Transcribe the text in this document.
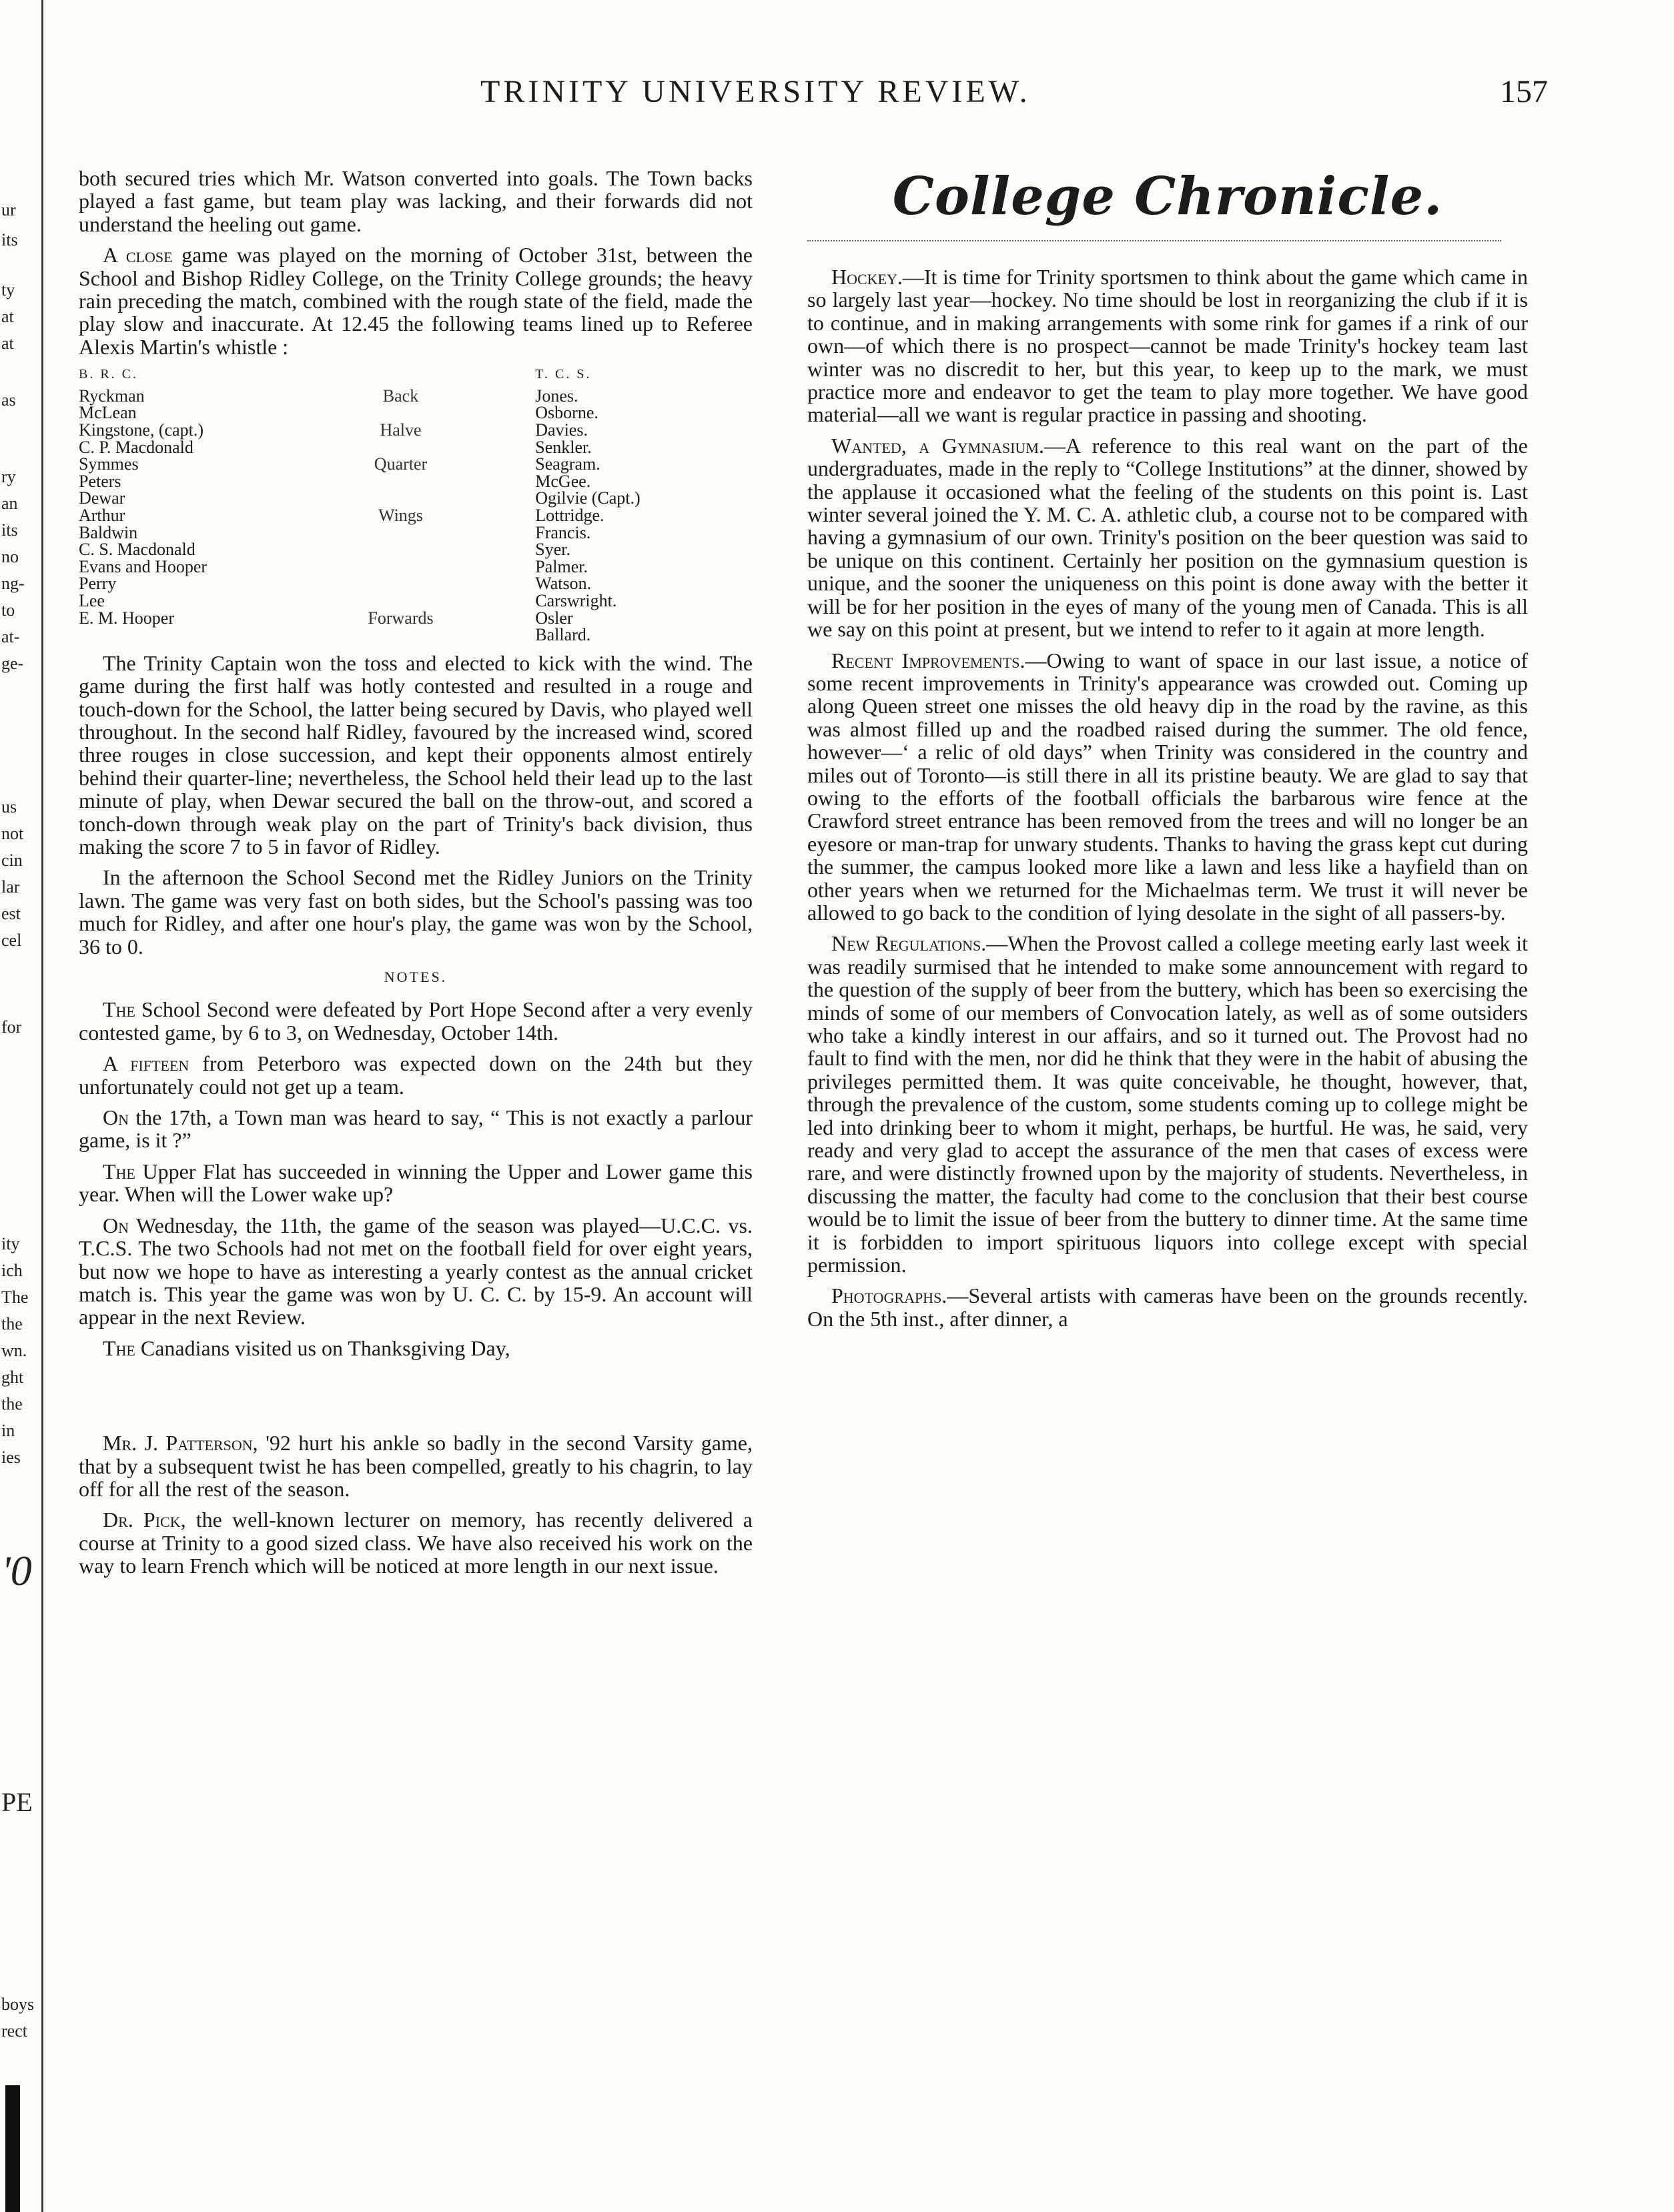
ur
its
ty
at
at
as
ry
an
its
no
ng-
to
at-
ge-
us
not
cin
lar
est
cel
for
ity
ich
The
the
wn.
ght
the
in
ies
'0
PE
boys
rect
TRINITY UNIVERSITY REVIEW.	157

both secured tries which Mr. Watson converted into goals. The Town backs played a fast game, but team play was lacking, and their forwards did not understand the heeling out game.

A close game was played on the morning of October 31st, between the School and Bishop Ridley College, on the Trinity College grounds; the heavy rain preceding the match, combined with the rough state of the field, made the play slow and inaccurate. At 12.45 the following teams lined up to Referee Alexis Martin's whistle :

B. R. C.		T. C. S.
Ryckman	Back	Jones.
McLean		Osborne.
Kingstone, (capt.)	Halve	Davies.
C. P. Macdonald		Senkler.
Symmes	Quarter	Seagram.
Peters		McGee.
Dewar		Ogilvie (Capt.)
Arthur	Wings	Lottridge.
Baldwin		Francis.
C. S. Macdonald		Syer.
Evans and Hooper		Palmer.
Perry		Watson.
Lee		Carswright.
E. M. Hooper	Forwards	Osler
		Ballard.

The Trinity Captain won the toss and elected to kick with the wind. The game during the first half was hotly contested and resulted in a rouge and touch-down for the School, the latter being secured by Davis, who played well throughout. In the second half Ridley, favoured by the increased wind, scored three rouges in close succession, and kept their opponents almost entirely behind their quarter-line; nevertheless, the School held their lead up to the last minute of play, when Dewar secured the ball on the throw-out, and scored a tonch-down through weak play on the part of Trinity's back division, thus making the score 7 to 5 in favor of Ridley.

In the afternoon the School Second met the Ridley Juniors on the Trinity lawn. The game was very fast on both sides, but the School's passing was too much for Ridley, and after one hour's play, the game was won by the School, 36 to 0.

NOTES.

The School Second were defeated by Port Hope Second after a very evenly contested game, by 6 to 3, on Wednesday, October 14th.

A fifteen from Peterboro was expected down on the 24th but they unfortunately could not get up a team.

On the 17th, a Town man was heard to say, “ This is not exactly a parlour game, is it ?”

The Upper Flat has succeeded in winning the Upper and Lower game this year. When will the Lower wake up?

On Wednesday, the 11th, the game of the season was played—U.C.C. vs. T.C.S. The two Schools had not met on the football field for over eight years, but now we hope to have as interesting a yearly contest as the annual cricket match is. This year the game was won by U. C. C. by 15-9. An account will appear in the next Review.

The Canadians visited us on Thanksgiving Day,

Mr. J. Patterson, '92 hurt his ankle so badly in the second Varsity game, that by a subsequent twist he has been compelled, greatly to his chagrin, to lay off for all the rest of the season.

Dr. Pick, the well-known lecturer on memory, has recently delivered a course at Trinity to a good sized class. We have also received his work on the way to learn French which will be noticed at more length in our next issue.

College Chronicle.

Hockey.—It is time for Trinity sportsmen to think about the game which came in so largely last year—hockey. No time should be lost in reorganizing the club if it is to continue, and in making arrangements with some rink for games if a rink of our own—of which there is no prospect—cannot be made Trinity's hockey team last winter was no discredit to her, but this year, to keep up to the mark, we must practice more and endeavor to get the team to play more together. We have good material—all we want is regular practice in passing and shooting.

Wanted, a Gymnasium.—A reference to this real want on the part of the undergraduates, made in the reply to “College Institutions” at the dinner, showed by the applause it occasioned what the feeling of the students on this point is. Last winter several joined the Y. M. C. A. athletic club, a course not to be compared with having a gymnasium of our own. Trinity's position on the beer question was said to be unique on this continent. Certainly her position on the gymnasium question is unique, and the sooner the uniqueness on this point is done away with the better it will be for her position in the eyes of many of the young men of Canada. This is all we say on this point at present, but we intend to refer to it again at more length.

Recent Improvements.—Owing to want of space in our last issue, a notice of some recent improvements in Trinity's appearance was crowded out. Coming up along Queen street one misses the old heavy dip in the road by the ravine, as this was almost filled up and the roadbed raised during the summer. The old fence, however—‘ a relic of old days” when Trinity was considered in the country and miles out of Toronto—is still there in all its pristine beauty. We are glad to say that owing to the efforts of the football officials the barbarous wire fence at the Crawford street entrance has been removed from the trees and will no longer be an eyesore or man-trap for unwary students. Thanks to having the grass kept cut during the summer, the campus looked more like a lawn and less like a hayfield than on other years when we returned for the Michaelmas term. We trust it will never be allowed to go back to the condition of lying desolate in the sight of all passers-by.

New Regulations.—When the Provost called a college meeting early last week it was readily surmised that he intended to make some announcement with regard to the question of the supply of beer from the buttery, which has been so exercising the minds of some of our members of Convocation lately, as well as of some outsiders who take a kindly interest in our affairs, and so it turned out. The Provost had no fault to find with the men, nor did he think that they were in the habit of abusing the privileges permitted them. It was quite conceivable, he thought, however, that, through the prevalence of the custom, some students coming up to college might be led into drinking beer to whom it might, perhaps, be hurtful. He was, he said, very ready and very glad to accept the assurance of the men that cases of excess were rare, and were distinctly frowned upon by the majority of students. Nevertheless, in discussing the matter, the faculty had come to the conclusion that their best course would be to limit the issue of beer from the buttery to dinner time. At the same time it is forbidden to import spirituous liquors into college except with special permission.

Photographs.—Several artists with cameras have been on the grounds recently. On the 5th inst., after dinner, a
